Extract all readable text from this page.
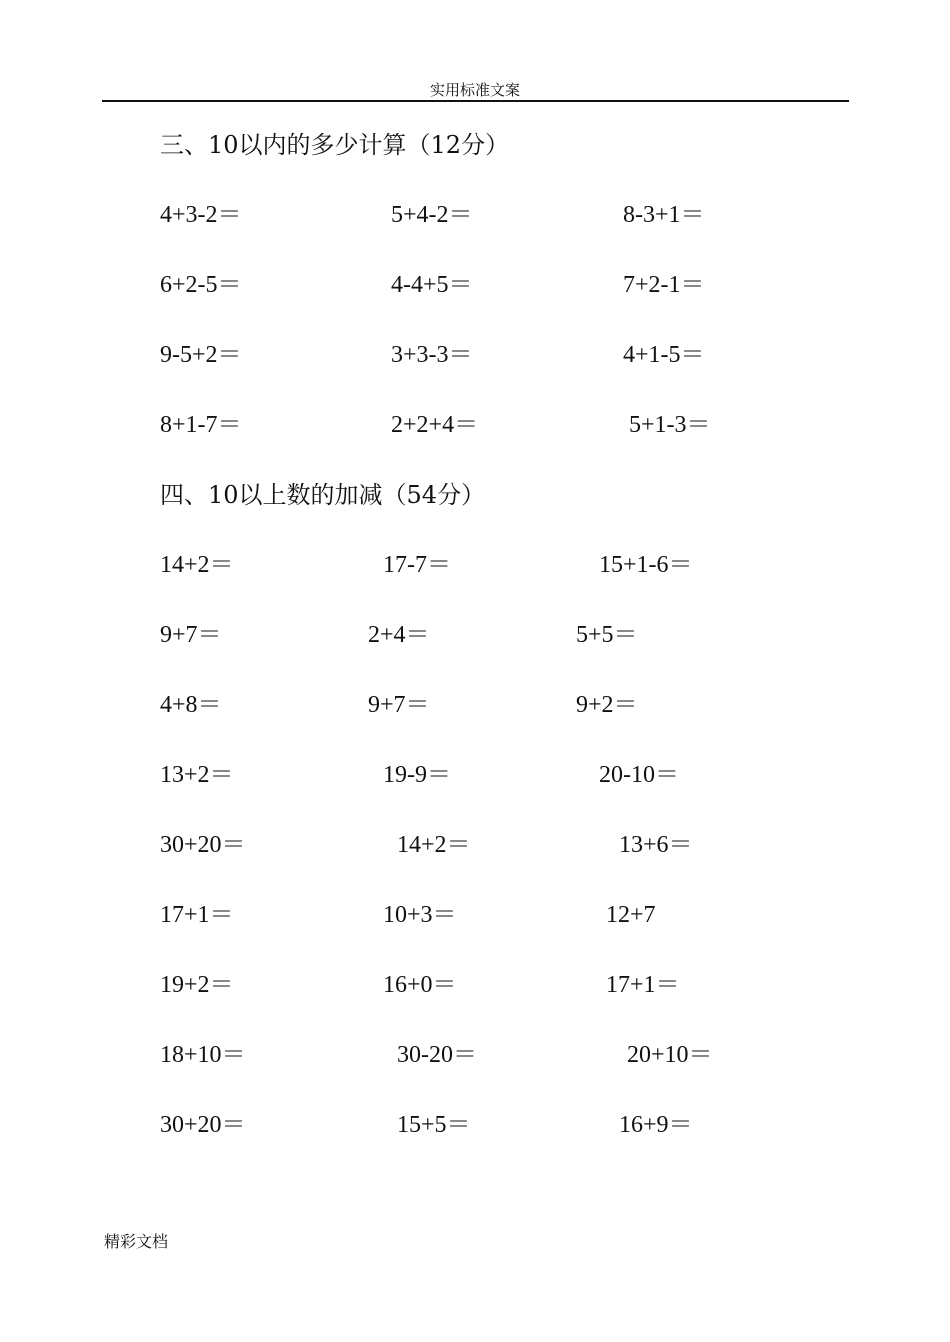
实用标准文案
三、10以内的多少计算（12分）
4+3-2＝	5+4-2＝	8-3+1＝
6+2-5＝	4-4+5＝	7+2-1＝
9-5+2＝	3+3-3＝	4+1-5＝
8+1-7＝	2+2+4＝	5+1-3＝
四、10以上数的加减（54分）
14+2＝	17-7＝	15+1-6＝
9+7＝	2+4＝	5+5＝
4+8＝	9+7＝	9+2＝
13+2＝	19-9＝	20-10＝
30+20＝	14+2＝	13+6＝
17+1＝	10+3＝	12+7
19+2＝	16+0＝	17+1＝
18+10＝	30-20＝	20+10＝
30+20＝	15+5＝	16+9＝
精彩文档
